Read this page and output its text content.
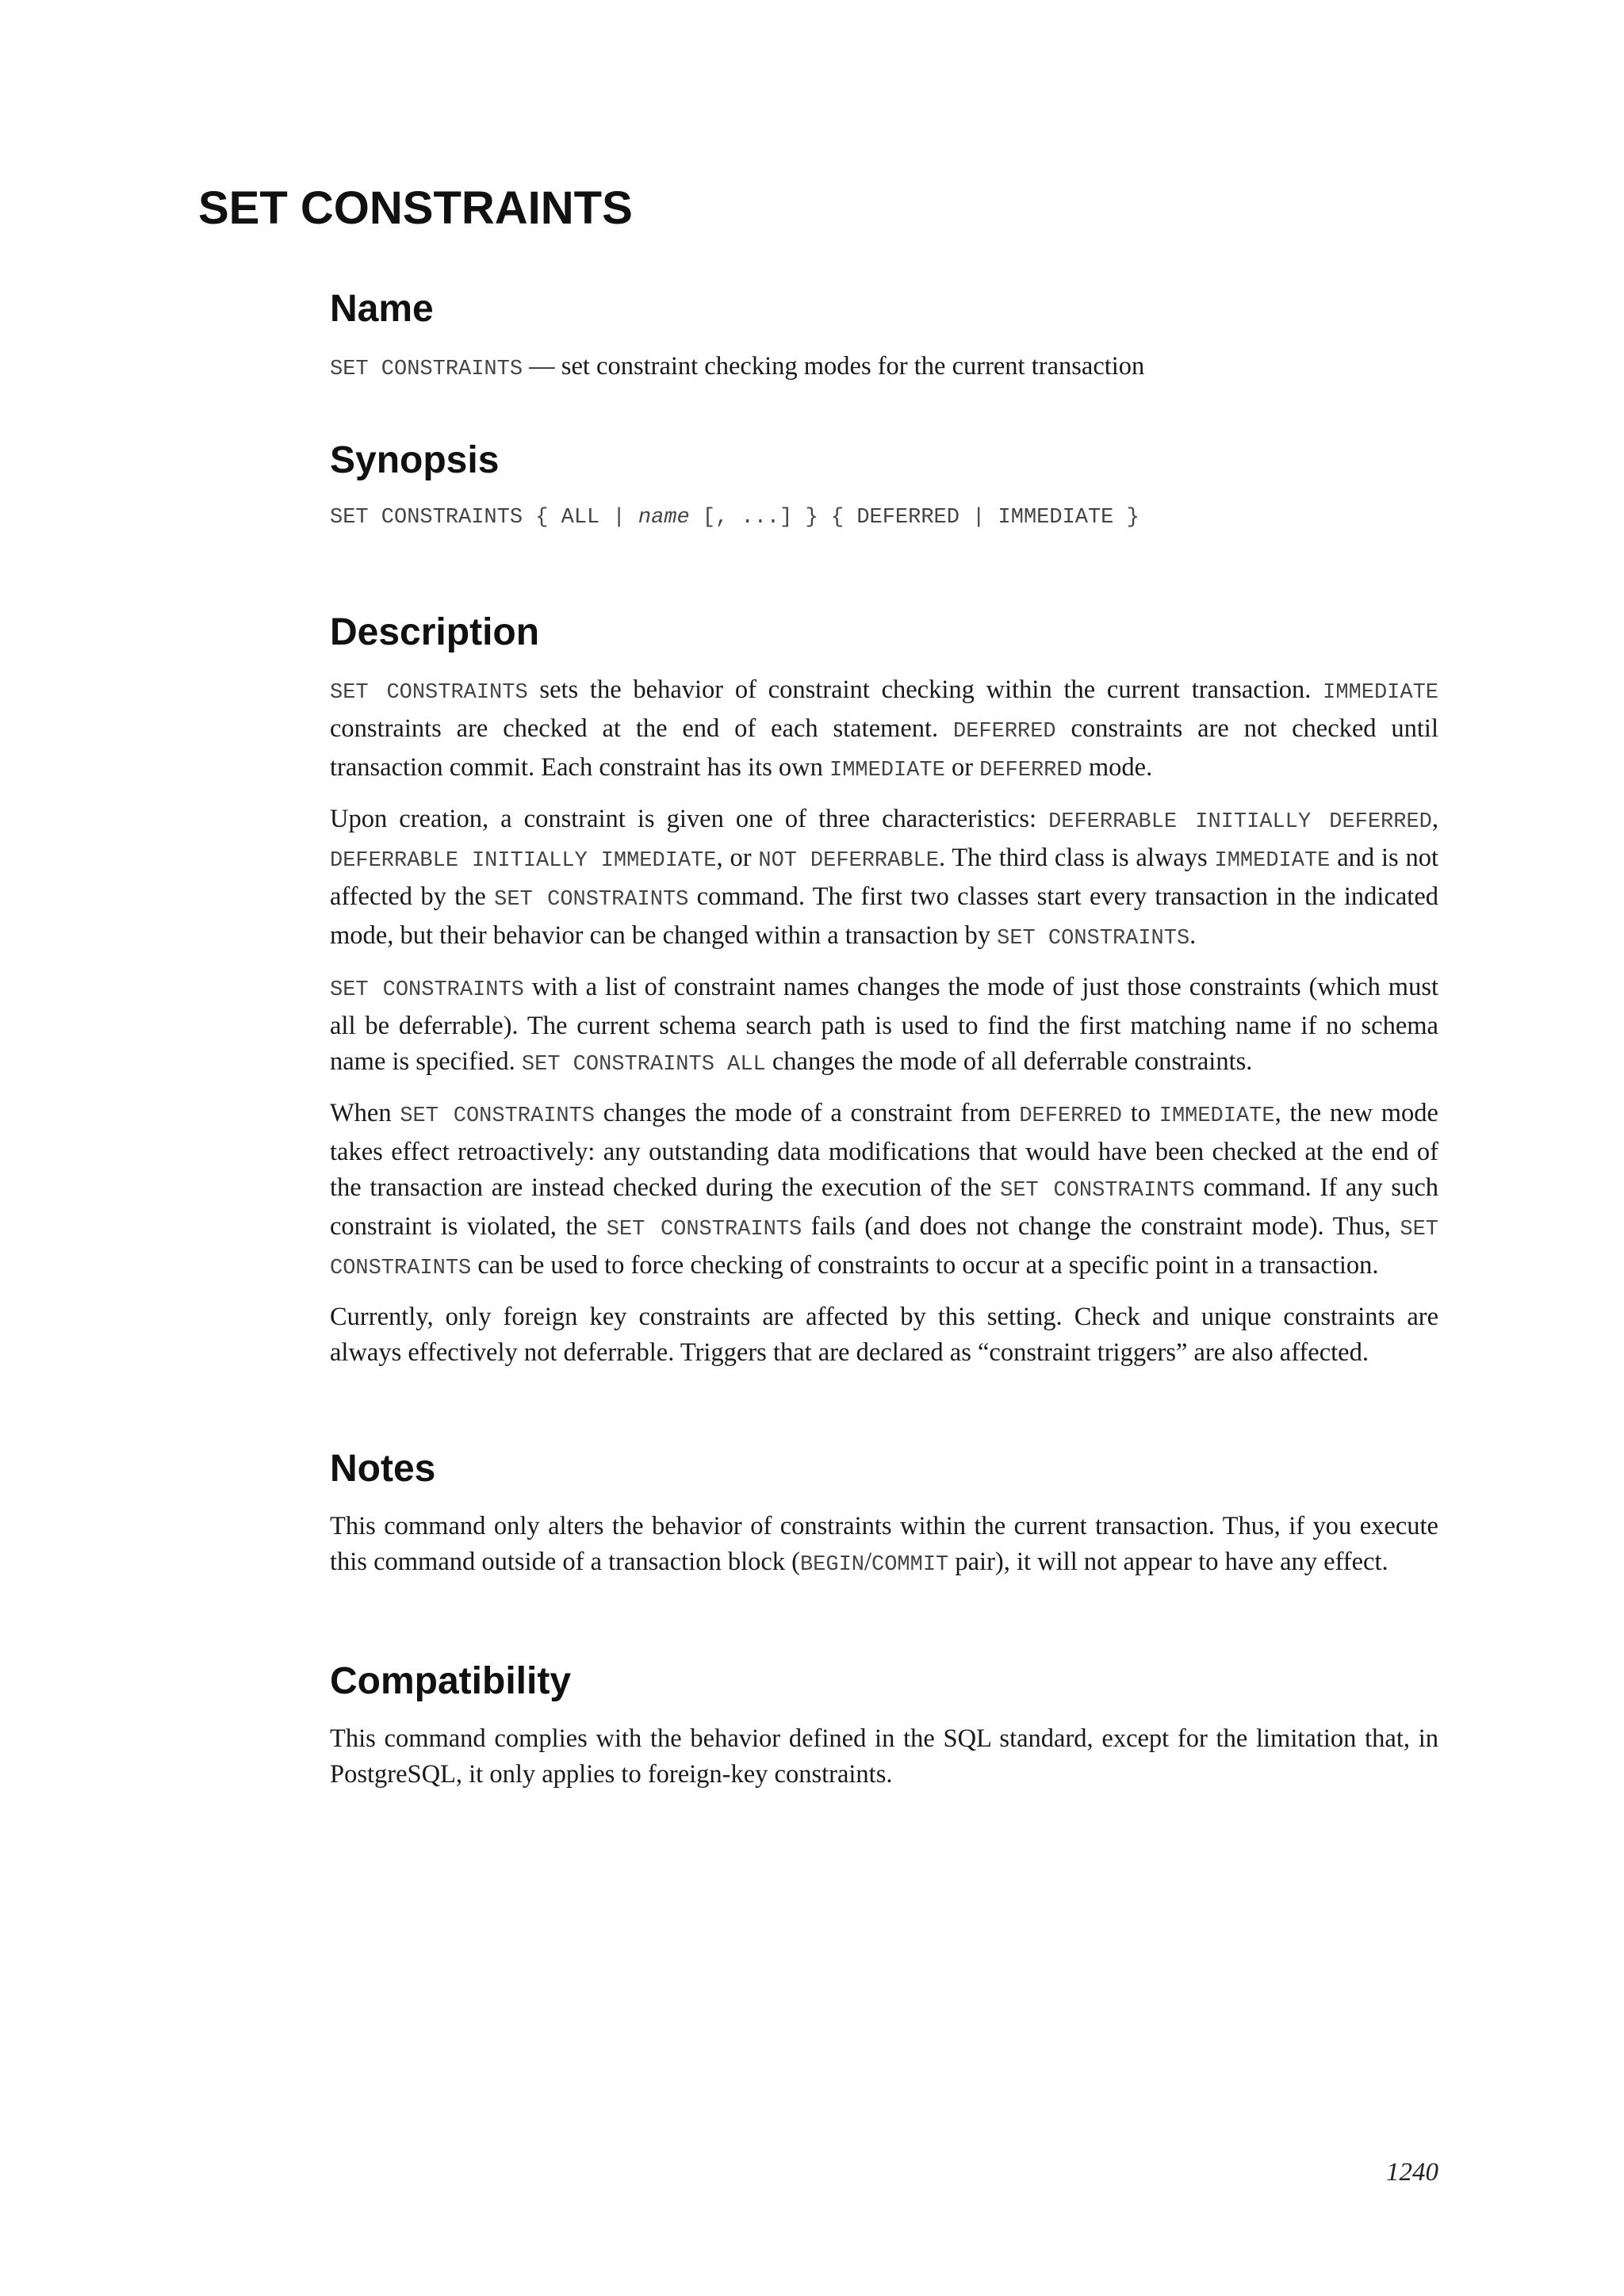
SET CONSTRAINTS
Name

SET CONSTRAINTS — set constraint checking modes for the current transaction

Synopsis
SET CONSTRAINTS { ALL | name [, ...] } { DEFERRED | IMMEDIATE }
Description

SET CONSTRAINTS sets the behavior of constraint checking within the current transaction. IMMEDIATE constraints are checked at the end of each statement. DEFERRED constraints are not checked until transaction commit. Each constraint has its own IMMEDIATE or DEFERRED mode.

Upon creation, a constraint is given one of three characteristics: DEFERRABLE INITIALLY DEFERRED, DEFERRABLE INITIALLY IMMEDIATE, or NOT DEFERRABLE. The third class is always IMMEDIATE and is not affected by the SET CONSTRAINTS command. The first two classes start every transaction in the indicated mode, but their behavior can be changed within a transaction by SET CONSTRAINTS.

SET CONSTRAINTS with a list of constraint names changes the mode of just those constraints (which must all be deferrable). The current schema search path is used to find the first matching name if no schema name is specified. SET CONSTRAINTS ALL changes the mode of all deferrable constraints.

When SET CONSTRAINTS changes the mode of a constraint from DEFERRED to IMMEDIATE, the new mode takes effect retroactively: any outstanding data modifications that would have been checked at the end of the transaction are instead checked during the execution of the SET CONSTRAINTS command. If any such constraint is violated, the SET CONSTRAINTS fails (and does not change the constraint mode). Thus, SET CONSTRAINTS can be used to force checking of constraints to occur at a specific point in a transaction.

Currently, only foreign key constraints are affected by this setting. Check and unique constraints are always effectively not deferrable. Triggers that are declared as “constraint triggers” are also affected.

Notes

This command only alters the behavior of constraints within the current transaction. Thus, if you execute this command outside of a transaction block (BEGIN/COMMIT pair), it will not appear to have any effect.

Compatibility

This command complies with the behavior defined in the SQL standard, except for the limitation that, in PostgreSQL, it only applies to foreign-key constraints.

1240
